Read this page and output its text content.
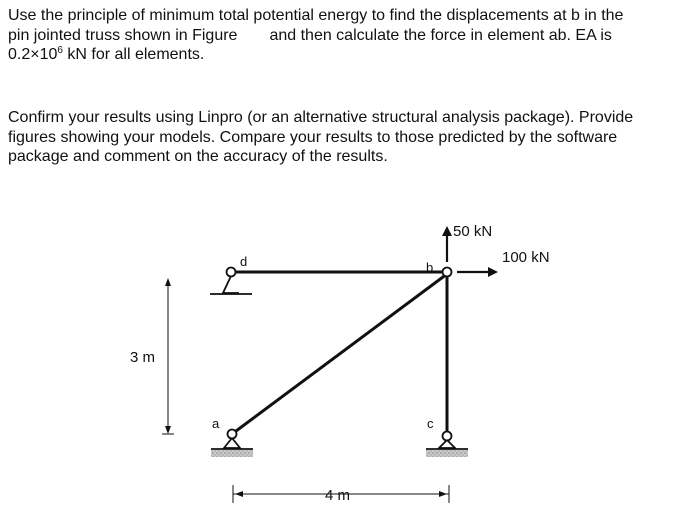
Use the principle of minimum total potential energy to find the displacements at b in the
pin jointed truss shown in Figure and then calculate the force in element ab. EA is
$0.2\times 10^6$ kN for all elements.
Confirm your results using Linpro (or an alternative structural analysis package). Provide
figures showing your models. Compare your results to those predicted by the software
package and comment on the accuracy of the results.
d	b
a	c
50 kN
100 kN
3 m
4 m
